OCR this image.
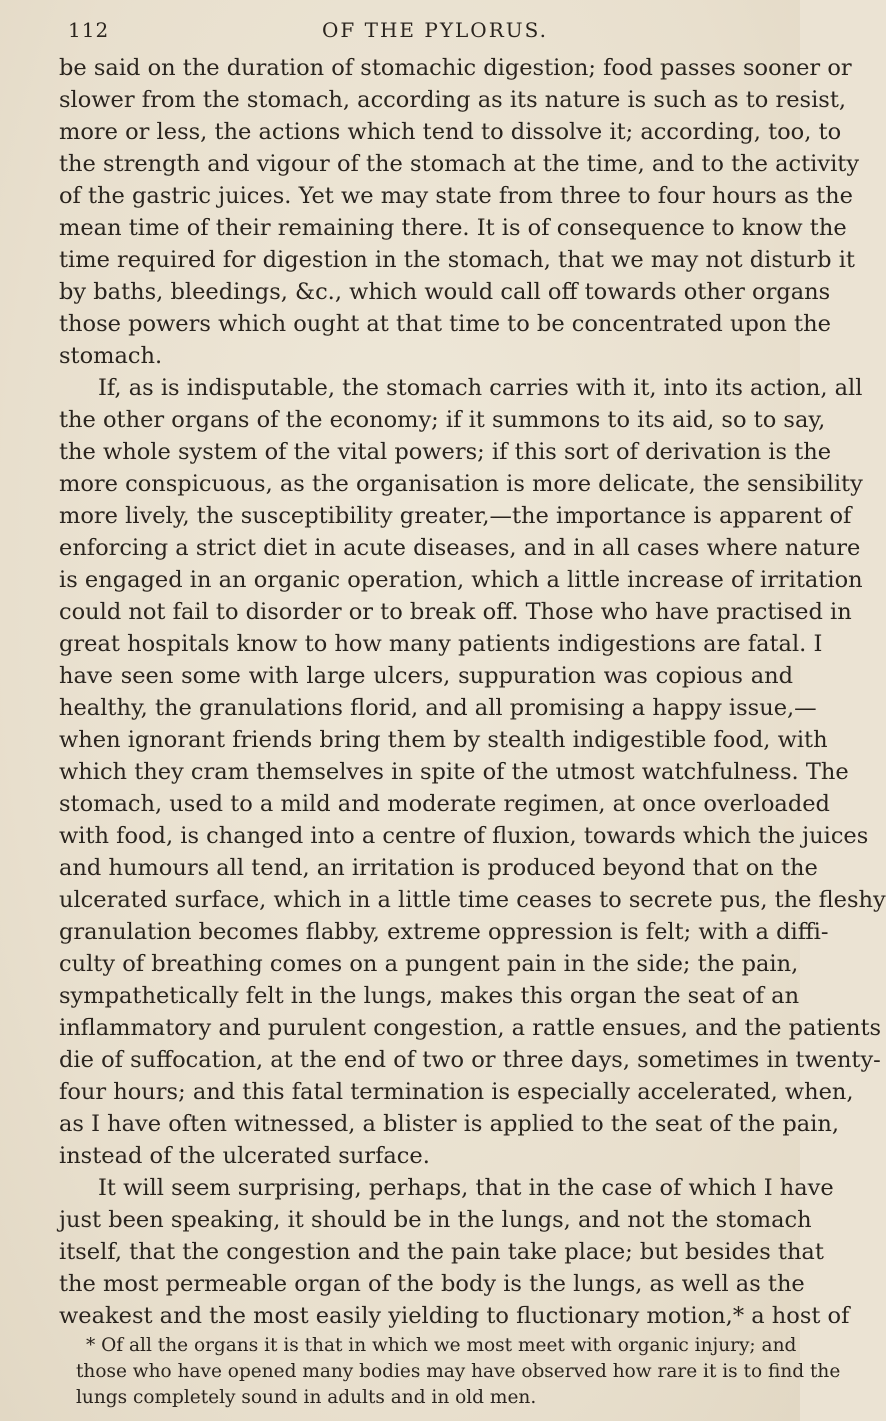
112	OF THE PYLORUS.
be said on the duration of stomachic digestion; food passes sooner or
slower from the stomach, according as its nature is such as to resist,
more or less, the actions which tend to dissolve it; according, too, to
the strength and vigour of the stomach at the time, and to the activity
of the gastric juices. Yet we may state from three to four hours as the
mean time of their remaining there. It is of consequence to know the
time required for digestion in the stomach, that we may not disturb it
by baths, bleedings, &c., which would call off towards other organs
those powers which ought at that time to be concentrated upon the
stomach.
If, as is indisputable, the stomach carries with it, into its action, all
the other organs of the economy; if it summons to its aid, so to say,
the whole system of the vital powers; if this sort of derivation is the
more conspicuous, as the organisation is more delicate, the sensibility
more lively, the susceptibility greater,—the importance is apparent of
enforcing a strict diet in acute diseases, and in all cases where nature
is engaged in an organic operation, which a little increase of irritation
could not fail to disorder or to break off. Those who have practised in
great hospitals know to how many patients indigestions are fatal. I
have seen some with large ulcers, suppuration was copious and
healthy, the granulations florid, and all promising a happy issue,—
when ignorant friends bring them by stealth indigestible food, with
which they cram themselves in spite of the utmost watchfulness. The
stomach, used to a mild and moderate regimen, at once overloaded
with food, is changed into a centre of fluxion, towards which the juices
and humours all tend, an irritation is produced beyond that on the
ulcerated surface, which in a little time ceases to secrete pus, the fleshy
granulation becomes flabby, extreme oppression is felt; with a diffi-
culty of breathing comes on a pungent pain in the side; the pain,
sympathetically felt in the lungs, makes this organ the seat of an
inflammatory and purulent congestion, a rattle ensues, and the patients
die of suffocation, at the end of two or three days, sometimes in twenty-
four hours; and this fatal termination is especially accelerated, when,
as I have often witnessed, a blister is applied to the seat of the pain,
instead of the ulcerated surface.
It will seem surprising, perhaps, that in the case of which I have
just been speaking, it should be in the lungs, and not the stomach
itself, that the congestion and the pain take place; but besides that
the most permeable organ of the body is the lungs, as well as the
weakest and the most easily yielding to fluctionary motion,* a host of
* Of all the organs it is that in which we most meet with organic injury; and
those who have opened many bodies may have observed how rare it is to find the
lungs completely sound in adults and in old men.
